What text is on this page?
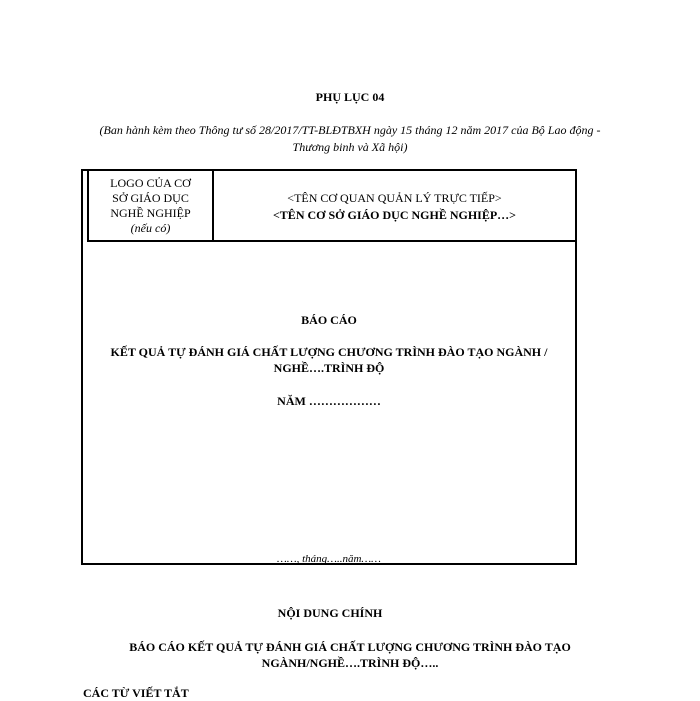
PHỤ LỤC 04
(Ban hành kèm theo Thông tư số 28/2017/TT-BLĐTBXH ngày 15 tháng 12 năm 2017 của Bộ Lao động - Thương binh và Xã hội)
LOGO CỦA CƠ
SỞ GIÁO DỤC
NGHỀ NGHIỆP
(nếu có)
<TÊN CƠ QUAN QUẢN LÝ TRỰC TIẾP>
<TÊN CƠ SỞ GIÁO DỤC NGHỀ NGHIỆP…>
BÁO CÁO
KẾT QUẢ TỰ ĐÁNH GIÁ CHẤT LƯỢNG CHƯƠNG TRÌNH ĐÀO TẠO NGÀNH / NGHỀ….TRÌNH ĐỘ
NĂM ………………
……, tháng…..năm……
NỘI DUNG CHÍNH
BÁO CÁO KẾT QUẢ TỰ ĐÁNH GIÁ CHẤT LƯỢNG CHƯƠNG TRÌNH ĐÀO TẠO NGÀNH/NGHỀ….TRÌNH ĐỘ…..
CÁC TỪ VIẾT TẮT
